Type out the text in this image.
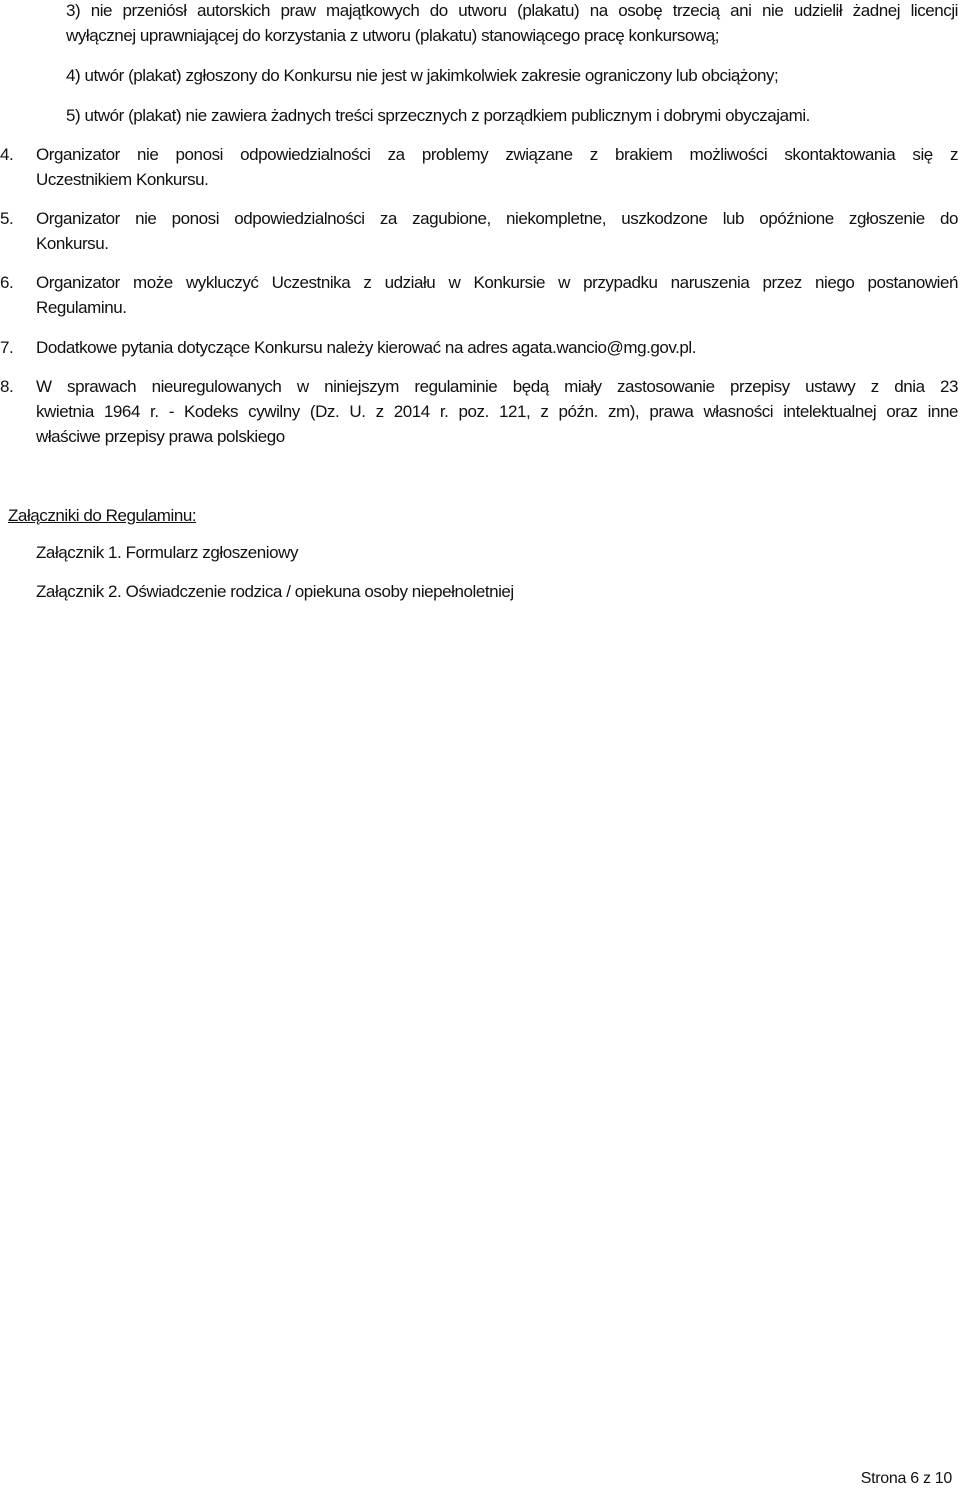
3) nie przeniósł autorskich praw majątkowych do utworu (plakatu) na osobę trzecią ani nie udzielił żadnej licencji
wyłącznej uprawniającej do korzystania z utworu (plakatu) stanowiącego pracę konkursową;
4) utwór (plakat) zgłoszony do Konkursu nie jest w jakimkolwiek zakresie ograniczony lub obciążony;
5) utwór (plakat) nie zawiera żadnych treści sprzecznych z porządkiem publicznym i dobrymi obyczajami.
4.	Organizator nie ponosi odpowiedzialności za problemy związane z brakiem możliwości skontaktowania się z
Uczestnikiem Konkursu.
5.	Organizator nie ponosi odpowiedzialności za zagubione, niekompletne, uszkodzone lub opóźnione zgłoszenie do
Konkursu.
6.	Organizator może wykluczyć Uczestnika z udziału w Konkursie w przypadku naruszenia przez niego postanowień
Regulaminu.
7.	Dodatkowe pytania dotyczące Konkursu należy kierować na adres agata.wancio@mg.gov.pl.
8.	W sprawach nieuregulowanych w niniejszym regulaminie będą miały zastosowanie przepisy ustawy z dnia 23
kwietnia 1964 r. - Kodeks cywilny (Dz. U. z 2014 r. poz. 121, z późn. zm), prawa własności intelektualnej oraz inne
właściwe przepisy prawa polskiego
Załączniki do Regulaminu:
Załącznik 1. Formularz zgłoszeniowy
Załącznik 2. Oświadczenie rodzica / opiekuna osoby niepełnoletniej
Strona 6 z 10
